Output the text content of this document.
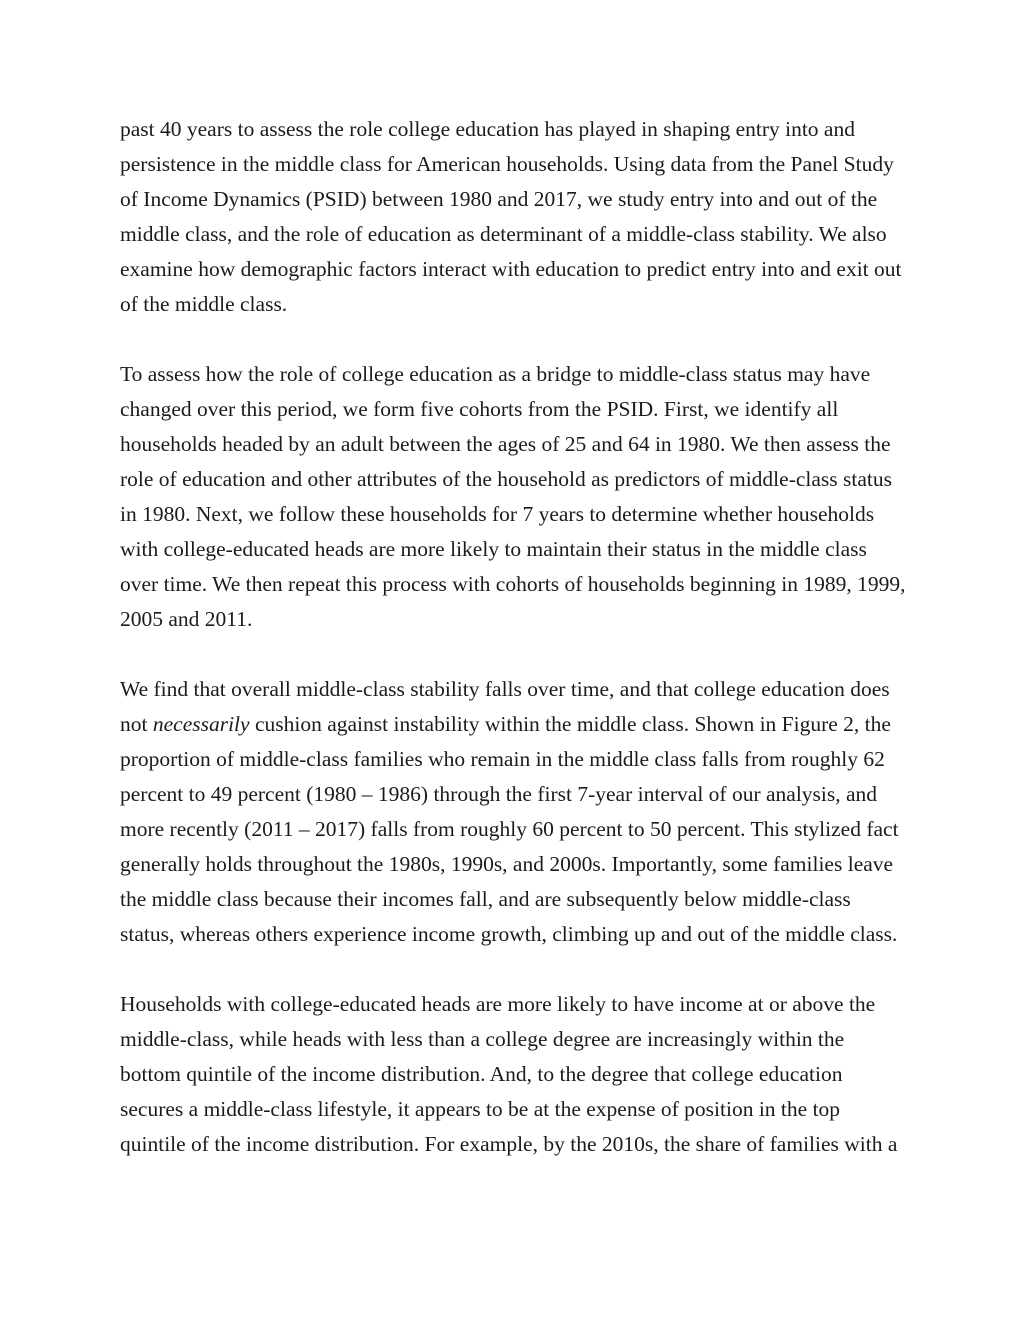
past 40 years to assess the role college education has played in shaping entry into and
persistence in the middle class for American households. Using data from the Panel Study
of Income Dynamics (PSID) between 1980 and 2017, we study entry into and out of the
middle class, and the role of education as determinant of a middle-class stability. We also
examine how demographic factors interact with education to predict entry into and exit out
of the middle class.

To assess how the role of college education as a bridge to middle-class status may have
changed over this period, we form five cohorts from the PSID. First, we identify all
households headed by an adult between the ages of 25 and 64 in 1980. We then assess the
role of education and other attributes of the household as predictors of middle-class status
in 1980. Next, we follow these households for 7 years to determine whether households
with college-educated heads are more likely to maintain their status in the middle class
over time. We then repeat this process with cohorts of households beginning in 1989, 1999,
2005 and 2011.

We find that overall middle-class stability falls over time, and that college education does
not necessarily cushion against instability within the middle class. Shown in Figure 2, the
proportion of middle-class families who remain in the middle class falls from roughly 62
percent to 49 percent (1980 – 1986) through the first 7-year interval of our analysis, and
more recently (2011 – 2017) falls from roughly 60 percent to 50 percent. This stylized fact
generally holds throughout the 1980s, 1990s, and 2000s. Importantly, some families leave
the middle class because their incomes fall, and are subsequently below middle-class
status, whereas others experience income growth, climbing up and out of the middle class.

Households with college-educated heads are more likely to have income at or above the
middle-class, while heads with less than a college degree are increasingly within the
bottom quintile of the income distribution. And, to the degree that college education
secures a middle-class lifestyle, it appears to be at the expense of position in the top
quintile of the income distribution. For example, by the 2010s, the share of families with a
